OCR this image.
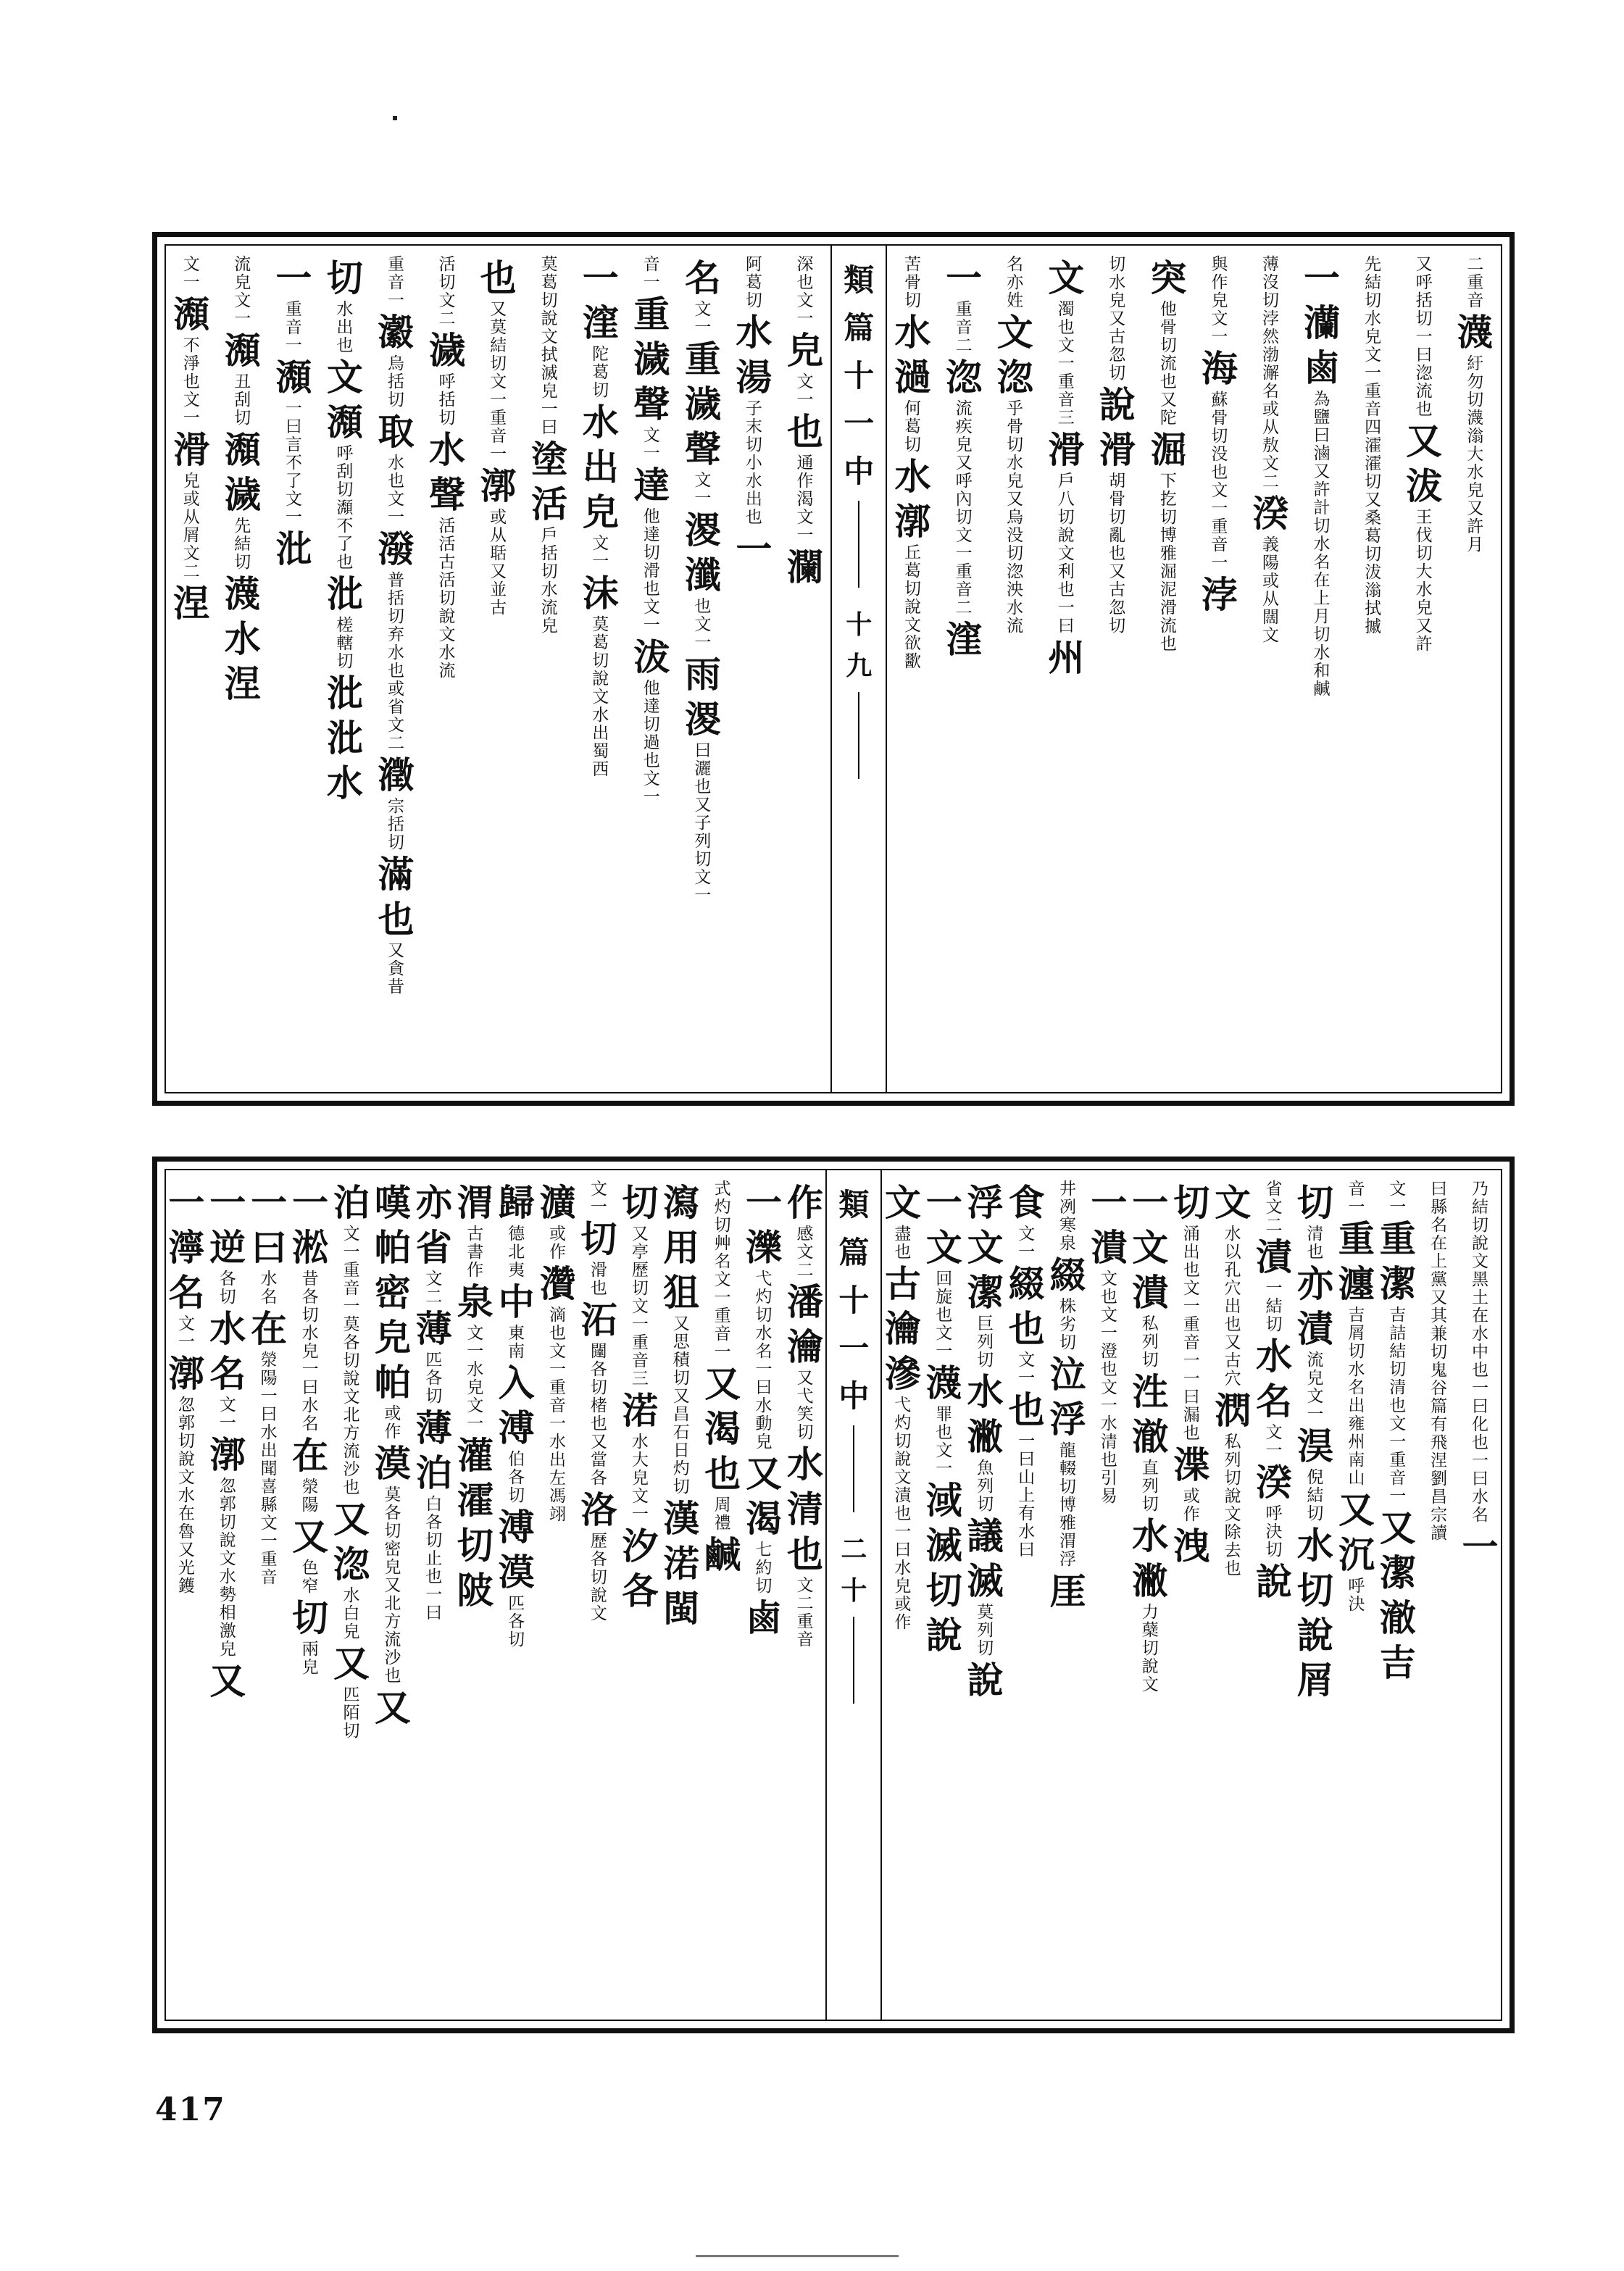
二
重
音
瀎
紆
勿
切
瀎
滃
大
水
皃
又
許
月
又
呼
括
切
一
曰
淴
流
也
又
沷
王
伐
切
大
水
皃
又
許
先
結
切
水
皃
文
一
重
音
四
瀖
瀖
切
又
桑
葛
切
沷
滃
拭
摵
一
灡
鹵
為
鹽
曰
滷
又
許
計
切
水
名
在
上
月
切
水
和
鹹
薄
沒
切
浡
然
渤
澥
名
或
从
敖
文
二
湀
義
陽
或
从
闊
文
與
作
皃
文
一
海
蘇
骨
切
没
也
文
一
重
音
一
浡
突
他
骨
切
流
也
又
陀
淈
下
扢
切
博
雅
淈
泥
滑
流
也
切
水
皃
又
古
忽
切
說
滑
胡
骨
切
亂
也
又
古
忽
切
文
濁
也
文
一
重
音
三
滑
戶
八
切
說
文
利
也
一
曰
州
名
亦
姓
文
淴
乎
骨
切
水
皃
又
烏
没
切
淴
泱
水
流
一
重
音
二
淴
流
疾
皃
又
呼
內
切
文
一
重
音
二
漥
苦
骨
切
水
濄
何
葛
切
水
漷
丘
葛
切
說
文
欲
歠
類
篇
十
一
中
十
九
深
也
文
一
皃
文
一
也
通
作
渴
文
一
瀾
阿
葛
切
水
湯
子
末
切
小
水
出
也
一
名
文
一
重
濊
聲
文
一
溭
瀸
也
文
一
雨
溭
曰
灑
也
又
子
列
切
文
一
音
一
重
濊
聲
文
一
達
他
達
切
滑
也
文
一
沷
他
達
切
過
也
文
一
一
漥
陀
葛
切
水
出
皃
文
一
沫
莫
葛
切
說
文
水
出
蜀
西
莫
葛
切
說
文
拭
滅
皃
一
曰
塗
活
戶
括
切
水
流
皃
也
又
莫
結
切
文
一
重
音
一
漷
或
从
聒
又
並
古
活
切
文
二
濊
呼
括
切
水
聲
活
活
古
活
切
說
文
水
流
重
音
一
瀫
烏
括
切
取
水
也
文
一
潑
普
括
切
弃
水
也
或
省
文
二
瀓
宗
括
切
滿
也
又
貪
昔
切
水
出
也
文
瀩
呼
刮
切
瀩
不
了
也
沘
槎
轄
切
沘
沘
水
一
重
音
一
瀩
一
曰
言
不
了
文
一
沘
流
皃
文
一
瀩
丑
刮
切
瀩
濊
先
結
切
瀎
水
涅
文
一
瀩
不
淨
也
文
一
滑
皃
或
从
屑
文
二
涅
乃
結
切
說
文
黑
土
在
水
中
也
一
曰
化
也
一
曰
水
名
一
曰
縣
名
在
上
黨
又
其
兼
切
鬼
谷
篇
有
飛
涅
劉
昌
宗
讀
文
一
重
潔
吉
詰
結
切
清
也
文
一
重
音
一
又
潔
澈
吉
音
一
重
瀍
吉
屑
切
水
名
出
雍
州
南
山
又
沉
呼
決
切
清
也
亦
漬
流
皃
文
一
淏
倪
結
切
水
切
說
屑
省
文
二
漬
一
結
切
水
名
文
一
湀
呼
決
切
說
文
水
以
孔
穴
出
也
又
古
穴
㴸
私
列
切
說
文
除
去
也
切
涌
出
也
文
一
重
音
一
一
曰
漏
也
渫
或
作
洩
一
文
潰
私
列
切
泩
澈
直
列
切
水
潎
力
蘖
切
說
文
一
潰
文
也
文
一
澄
也
文
一
水
清
也
引
易
井
冽
寒
泉
綴
株
劣
切
泣
浮
龍
輟
切
博
雅
渭
浮
厓
食
文
一
綴
也
文
一
也
一
曰
山
上
有
水
曰
浮
文
潔
巨
列
切
水
潎
魚
列
切
議
滅
莫
列
切
說
一
文
回
旋
也
文
一
瀎
罪
也
文
一
淢
滅
切
說
文
盡
也
古
瀹
滲
弋
灼
切
說
文
漬
也
一
曰
水
皃
或
作
類
篇
十
一
中
二
十
作
感
文
二
潘
瀹
又
弋
笑
切
水
清
也
文
二
重
音
一
濼
弋
灼
切
水
名
一
曰
水
動
皃
又
渴
七
約
切
鹵
式
灼
切
艸
名
文
一
重
音
一
又
渴
也
周
禮
鹹
瀉
用
狙
又
思
積
切
又
昌
石
日
灼
切
漢
渃
閩
切
又
亭
歷
切
文
一
重
音
三
渃
水
大
皃
文
一
汐
各
文
一
切
滑
也
沰
闥
各
切
楮
也
又
當
各
洛
歷
各
切
說
文
瀇
或
作
灒
滴
也
文
一
重
音
一
水
出
左
馮
翊
歸
德
北
夷
中
東
南
入
溥
伯
各
切
溥
漠
匹
各
切
渭
古
書
作
泉
文
一
水
皃
文
一
灌
瀖
切
陂
亦
省
文
二
薄
匹
各
切
薄
泊
白
各
切
止
也
一
曰
嘆
帕
密
皃
帕
或
作
漠
莫
各
切
密
皃
又
北
方
流
沙
也
又
泊
文
一
重
音
一
莫
各
切
說
文
北
方
流
沙
也
又
淴
水
白
皃
又
匹
陌
切
一
淞
昔
各
切
水
皃
一
曰
水
名
在
滎
陽
又
色
窄
切
兩
皃
一
曰
水
名
在
滎
陽
一
曰
水
出
聞
喜
縣
文
一
重
音
一
逆
各
切
水
名
文
一
漷
忽
郭
切
說
文
水
勢
相
激
皃
又
一
濘
名
文
一
漷
忽
郭
切
說
文
水
在
魯
又
光
鑊
417
